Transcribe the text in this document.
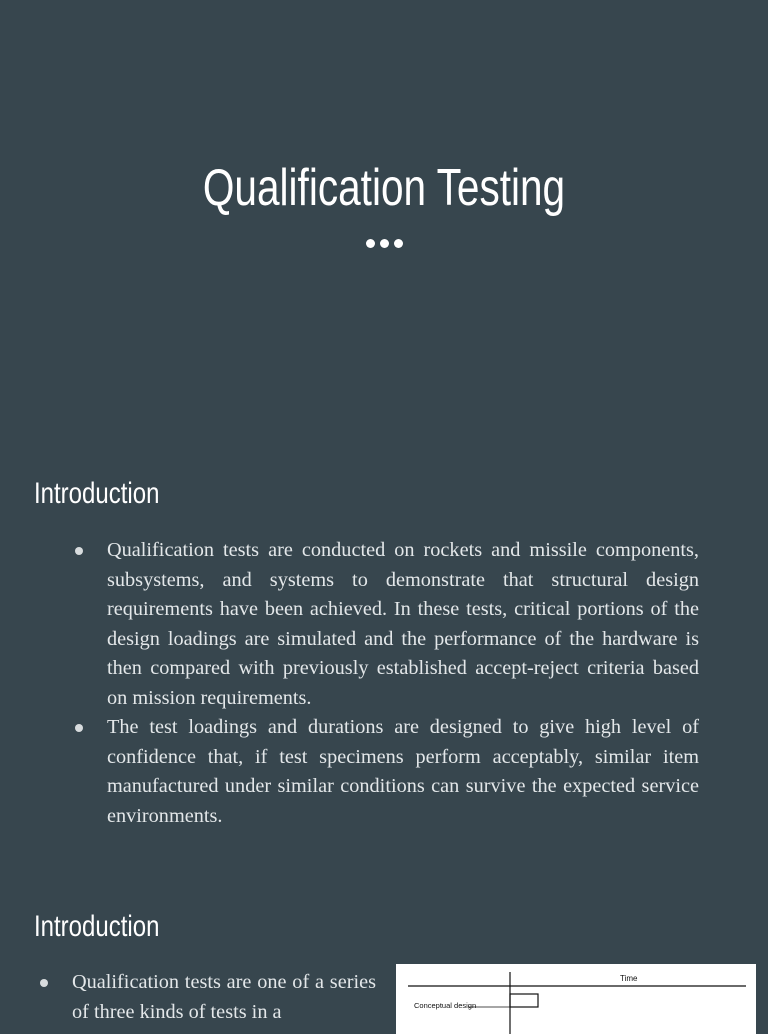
Qualification Testing
Introduction
Qualification tests are conducted on rockets and missile components, subsystems, and systems to demonstrate that structural design requirements have been achieved. In these tests, critical portions of the design loadings are simulated and the performance of the hardware is then compared with previously established accept-reject criteria based on mission requirements.
The test loadings and durations are designed to give high level of confidence that, if test specimens perform acceptably, similar item manufactured under similar conditions can survive the expected service environments.
Introduction
Qualification tests are one of a series of three kinds of tests in a
Time
Conceptual design
